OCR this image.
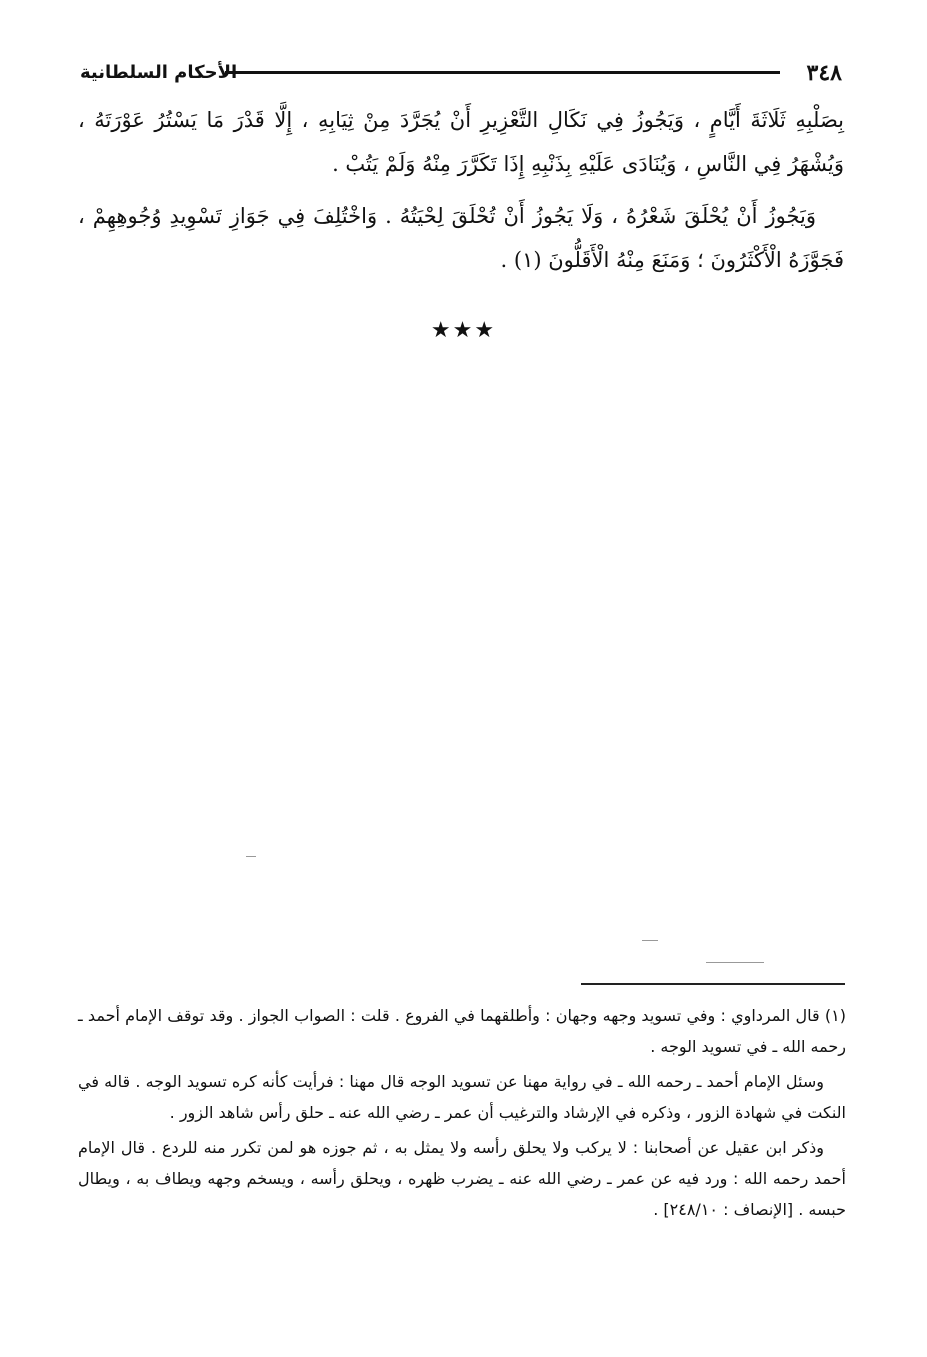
٣٤٨
الأحكام السلطانية

بِصَلْبِهِ ثَلَاثَةَ أَيَّامٍ ، وَيَجُوزُ فِي نَكَالِ التَّعْزِيرِ أَنْ يُجَرَّدَ مِنْ ثِيَابِهِ ، إِلَّا قَدْرَ مَا يَسْتُرُ عَوْرَتَهُ ، وَيُشْهَرُ فِي النَّاسِ ، وَيُنَادَى عَلَيْهِ بِذَنْبِهِ إِذَا تَكَرَّرَ مِنْهُ وَلَمْ يَتُبْ .

وَيَجُوزُ أَنْ يُحْلَقَ شَعْرُهُ ، وَلَا يَجُوزُ أَنْ تُحْلَقَ لِحْيَتُهُ . وَاخْتُلِفَ فِي جَوَازِ تَسْوِيدِ وُجُوهِهِمْ ، فَجَوَّزَهُ الْأَكْثَرُونَ ؛ وَمَنَعَ مِنْهُ الْأَقَلُّونَ (١) .

★★★

(١) قال المرداوي : وفي تسويد وجهه وجهان : وأطلقهما في الفروع . قلت : الصواب الجواز . وقد توقف الإمام أحمد ـ رحمه الله ـ في تسويد الوجه .

وسئل الإمام أحمد ـ رحمه الله ـ في رواية مهنا عن تسويد الوجه قال مهنا : فرأيت كأنه كره تسويد الوجه . قاله في النكت في شهادة الزور ، وذكره في الإرشاد والترغيب أن عمر ـ رضي الله عنه ـ حلق رأس شاهد الزور .

وذكر ابن عقيل عن أصحابنا : لا يركب ولا يحلق رأسه ولا يمثل به ، ثم جوزه هو لمن تكرر منه للردع . قال الإمام أحمد رحمه الله : ورد فيه عن عمر ـ رضي الله عنه ـ يضرب ظهره ، ويحلق رأسه ، ويسخم وجهه ويطاف به ، ويطال حبسه . [الإنصاف : ٢٤٨/١٠] .
